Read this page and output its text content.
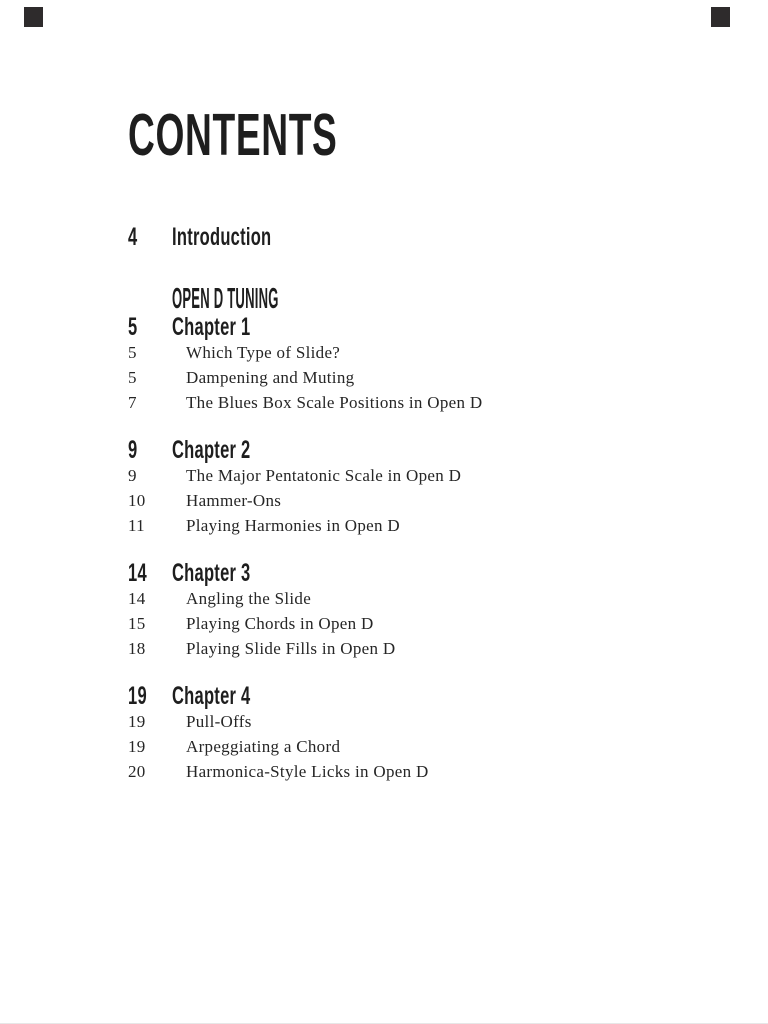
CONTENTS
4 Introduction
OPEN D TUNING
5 Chapter 1
5	Which Type of Slide?
5	Dampening and Muting
7	The Blues Box Scale Positions in Open D
9 Chapter 2
9	The Major Pentatonic Scale in Open D
10 Hammer-Ons
11 Playing Harmonies in Open D
14 Chapter 3
14 Angling the Slide
15 Playing Chords in Open D
18 Playing Slide Fills in Open D
19 Chapter 4
19 Pull-Offs
19 Arpeggiating a Chord
20 Harmonica-Style Licks in Open D
